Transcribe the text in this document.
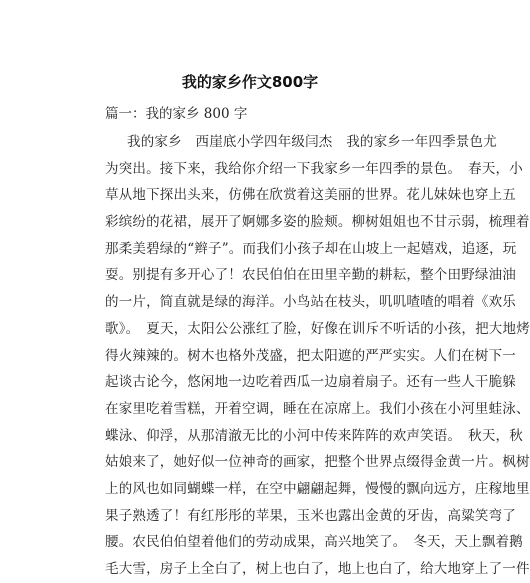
我的家乡作文800字
篇一：我的家乡 800 字
我的家乡　西崖底小学四年级闫杰　我的家乡一年四季景色尤
为突出。接下来，我给你介绍一下我家乡一年四季的景色。　春天，小
草从地下探出头来，仿佛在欣赏着这美丽的世界。花儿妹妹也穿上五
彩缤纷的花裙，展开了婀娜多姿的脸颊。柳树姐姐也不甘示弱，梳理着
那柔美碧绿的“辫子”。而我们小孩子却在山坡上一起嬉戏，追逐，玩
耍。别提有多开心了！农民伯伯在田里辛勤的耕耘，整个田野绿油油
的一片，简直就是绿的海洋。小鸟站在枝头，叽叽喳喳的唱着《欢乐
歌》。　夏天，太阳公公涨红了脸，好像在训斥不听话的小孩，把大地烤
得火辣辣的。树木也格外茂盛，把太阳遮的严严实实。人们在树下一
起谈古论今，悠闲地一边吃着西瓜一边扇着扇子。还有一些人干脆躲
在家里吃着雪糕，开着空调，睡在在凉席上。我们小孩在小河里蛙泳、
蝶泳、仰浮，从那清澈无比的小河中传来阵阵的欢声笑语。　秋天，秋
姑娘来了，她好似一位神奇的画家，把整个世界点缀得金黄一片。枫树
上的风也如同蝴蝶一样，在空中翩翩起舞，慢慢的飘向远方，庄稼地里
果子熟透了！有红彤彤的苹果，玉米也露出金黄的牙齿，高粱笑弯了
腰。农民伯伯望着他们的劳动成果，高兴地笑了。　冬天，天上飘着鹅
毛大雪，房子上全白了，树上也白了，地上也白了，给大地穿上了一件
